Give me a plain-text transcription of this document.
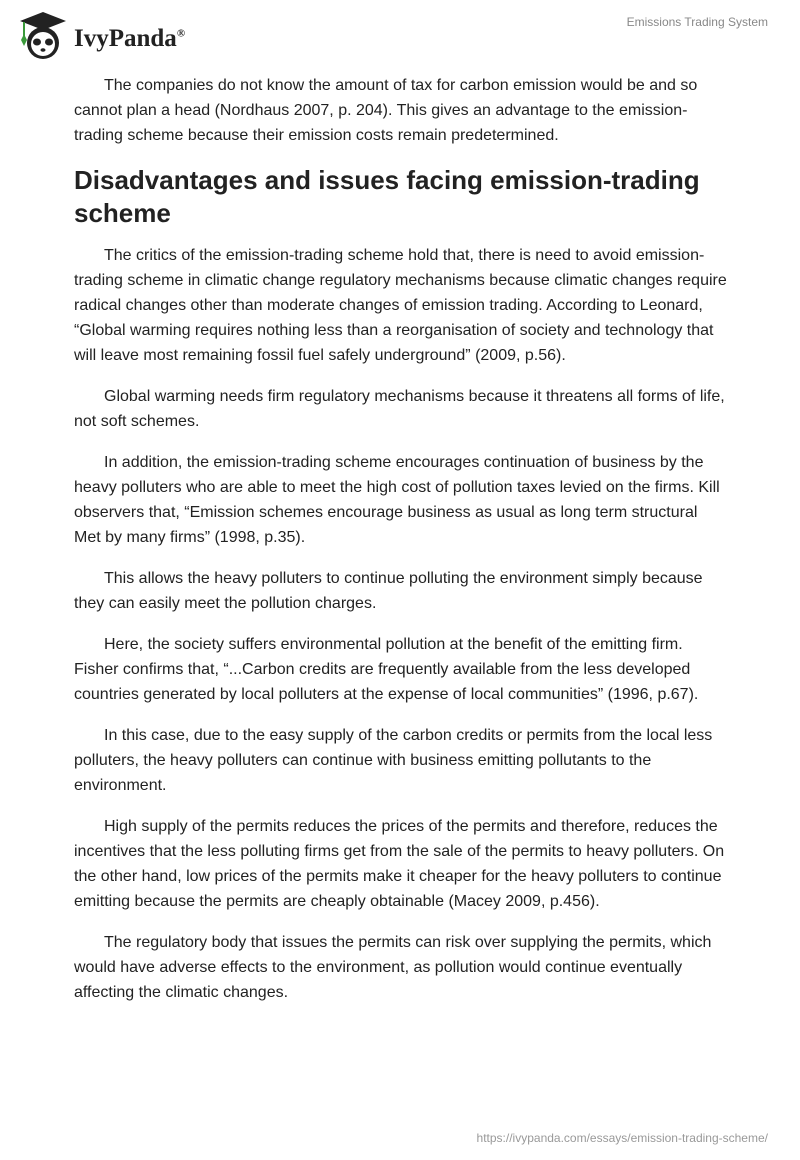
IvyPanda®
Emissions Trading System

The companies do not know the amount of tax for carbon emission would be and so cannot plan a head (Nordhaus 2007, p. 204). This gives an advantage to the emission-trading scheme because their emission costs remain predetermined.

Disadvantages and issues facing emission-trading scheme

The critics of the emission-trading scheme hold that, there is need to avoid emission-trading scheme in climatic change regulatory mechanisms because climatic changes require radical changes other than moderate changes of emission trading. According to Leonard, “Global warming requires nothing less than a reorganisation of society and technology that will leave most remaining fossil fuel safely underground” (2009, p.56).

Global warming needs firm regulatory mechanisms because it threatens all forms of life, not soft schemes.

In addition, the emission-trading scheme encourages continuation of business by the heavy polluters who are able to meet the high cost of pollution taxes levied on the firms. Kill observers that, “Emission schemes encourage business as usual as long term structural Met by many firms” (1998, p.35).

This allows the heavy polluters to continue polluting the environment simply because they can easily meet the pollution charges.

Here, the society suffers environmental pollution at the benefit of the emitting firm. Fisher confirms that, “...Carbon credits are frequently available from the less developed countries generated by local polluters at the expense of local communities” (1996, p.67).

In this case, due to the easy supply of the carbon credits or permits from the local less polluters, the heavy polluters can continue with business emitting pollutants to the environment.

High supply of the permits reduces the prices of the permits and therefore, reduces the incentives that the less polluting firms get from the sale of the permits to heavy polluters. On the other hand, low prices of the permits make it cheaper for the heavy polluters to continue emitting because the permits are cheaply obtainable (Macey 2009, p.456).

The regulatory body that issues the permits can risk over supplying the permits, which would have adverse effects to the environment, as pollution would continue eventually affecting the climatic changes.

https://ivypanda.com/essays/emission-trading-scheme/
